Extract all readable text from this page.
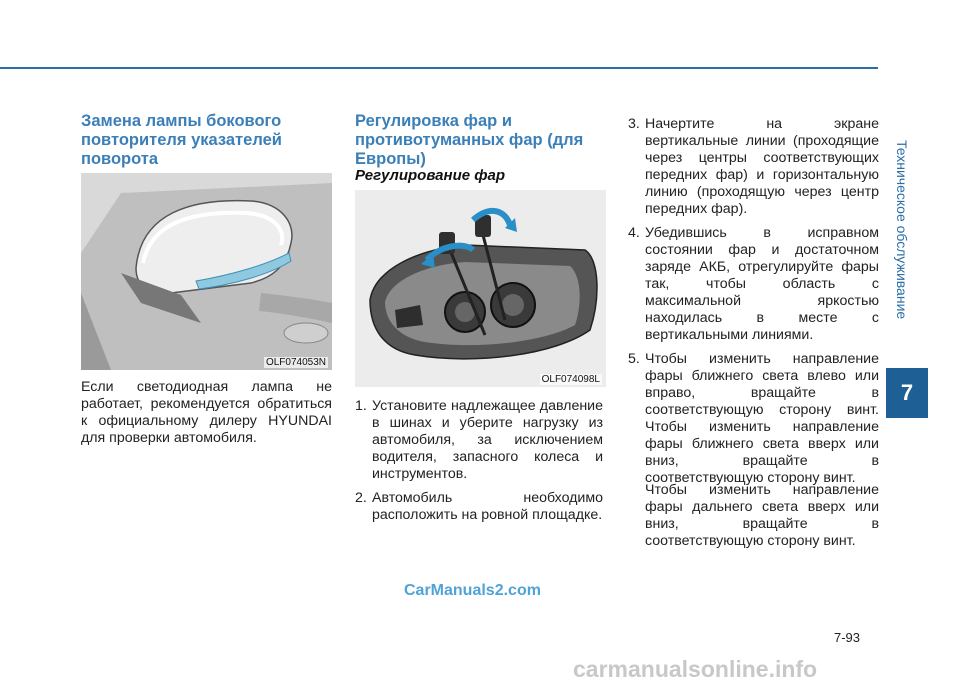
Техническое обслуживание
7
Замена лампы бокового повторителя указателей поворота
OLF074053N

Если светодиодная лампа не работает, рекомендуется обратиться к официальному дилеру HYUNDAI для проверки автомобиля.

Регулировка фар и противотуманных фар (для Европы)
Регулирование фар
OLF074098L
1. Установите надлежащее давление в шинах и уберите нагрузку из автомобиля, за исключением водителя, запасного колеса и инструментов.
2. Автомобиль необходимо расположить на ровной площадке.
3. Начертите на экране вертикальные линии (проходящие через центры соответствующих передних фар) и горизонтальную линию (проходящую через центр передних фар).
4. Убедившись в исправном состоянии фар и достаточном заряде АКБ, отрегулируйте фары так, чтобы область с максимальной яркостью находилась в месте с вертикальными линиями.
5. Чтобы изменить направление фары ближнего света влево или вправо, вращайте в соответствующую сторону винт. Чтобы изменить направление фары ближнего света вверх или вниз, вращайте в соответствующую сторону винт.

Чтобы изменить направление фары дальнего света вверх или вниз, вращайте в соответствующую сторону винт.

7-93
CarManuals2.com
carmanualsonline.info
